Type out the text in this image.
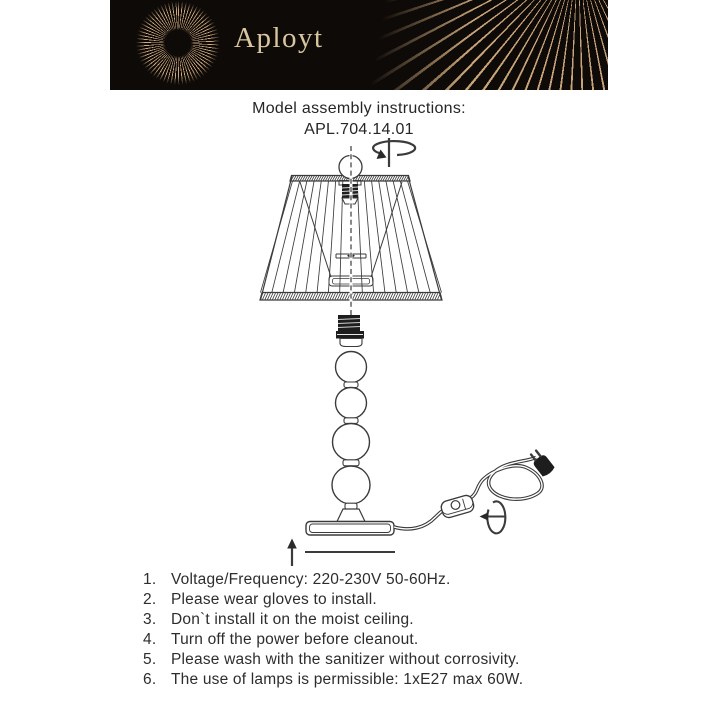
Aployt
Model assembly instructions:
APL.704.14.01
1. Voltage/Frequency: 220-230V 50-60Hz.
2. Please wear gloves to install.
3. Don`t install it on the moist ceiling.
4. Turn off the power before cleanout.
5. Please wash with the sanitizer without corrosivity.
6. The use of lamps is permissible: 1xE27 max 60W.
